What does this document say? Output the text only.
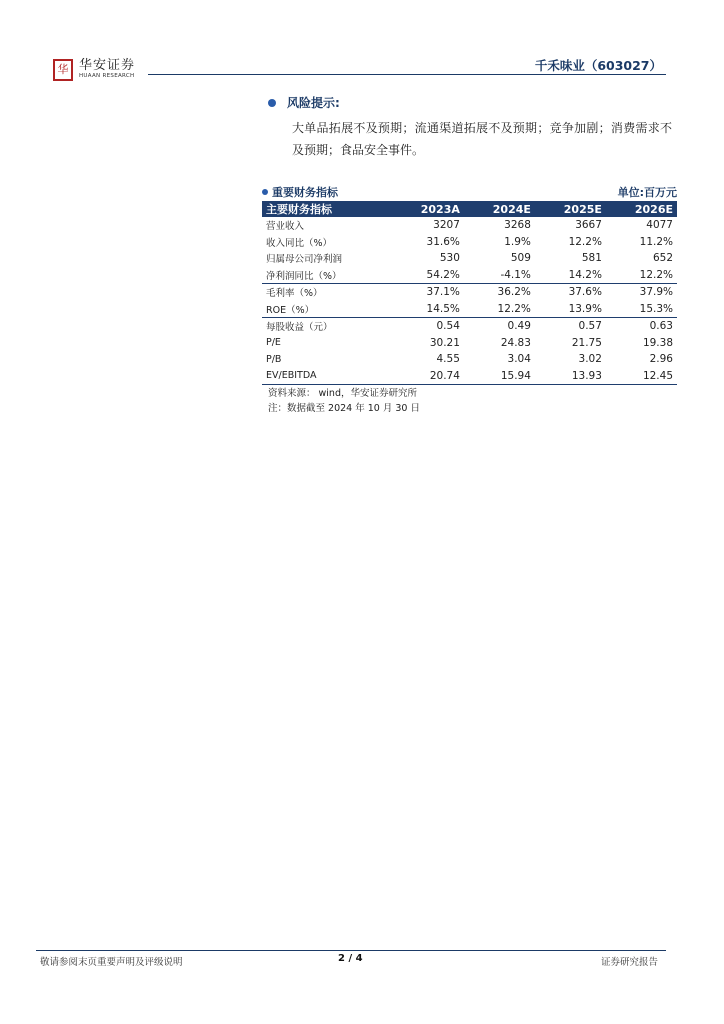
华 华安证券
HUAAN RESEARCH
千禾味业（603027）
风险提示:
大单品拓展不及预期；流通渠道拓展不及预期；竞争加剧；消费需求不及预期；食品安全事件。
重要财务指标	单位:百万元
主要财务指标	2023A	2024E	2025E	2026E
营业收入	3207	3268	3667	4077
收入同比（%）	31.6%	1.9%	12.2%	11.2%
归属母公司净利润	530	509	581	652
净利润同比（%）	54.2%	-4.1%	14.2%	12.2%
毛利率（%）	37.1%	36.2%	37.6%	37.9%
ROE（%）	14.5%	12.2%	13.9%	15.3%
每股收益（元）	0.54	0.49	0.57	0.63
P/E	30.21	24.83	21.75	19.38
P/B	4.55	3.04	3.02	2.96
EV/EBITDA	20.74	15.94	13.93	12.45
资料来源： wind，华安证券研究所
注：数据截至 2024 年 10 月 30 日
敬请参阅末页重要声明及评级说明	2 / 4	证券研究报告
